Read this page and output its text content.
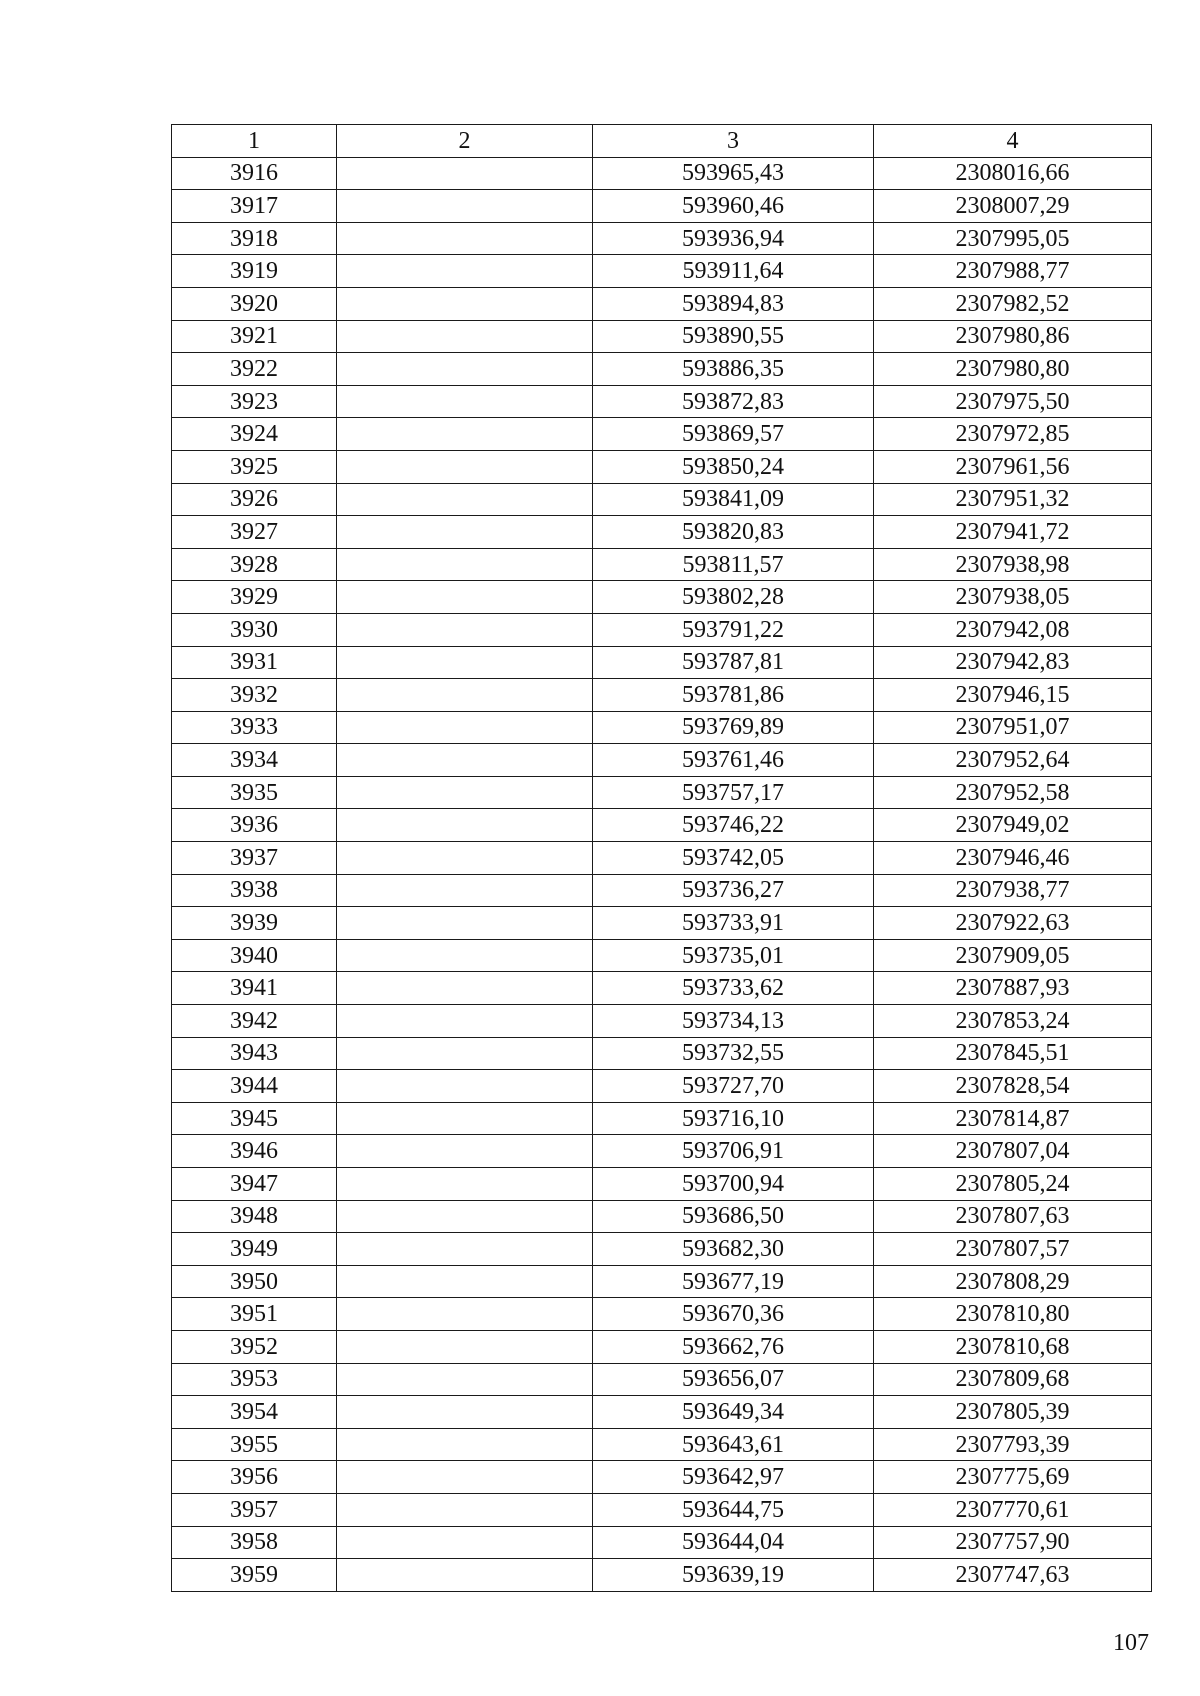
1	2	3	4
3916		593965,43	2308016,66
3917		593960,46	2308007,29
3918		593936,94	2307995,05
3919		593911,64	2307988,77
3920		593894,83	2307982,52
3921		593890,55	2307980,86
3922		593886,35	2307980,80
3923		593872,83	2307975,50
3924		593869,57	2307972,85
3925		593850,24	2307961,56
3926		593841,09	2307951,32
3927		593820,83	2307941,72
3928		593811,57	2307938,98
3929		593802,28	2307938,05
3930		593791,22	2307942,08
3931		593787,81	2307942,83
3932		593781,86	2307946,15
3933		593769,89	2307951,07
3934		593761,46	2307952,64
3935		593757,17	2307952,58
3936		593746,22	2307949,02
3937		593742,05	2307946,46
3938		593736,27	2307938,77
3939		593733,91	2307922,63
3940		593735,01	2307909,05
3941		593733,62	2307887,93
3942		593734,13	2307853,24
3943		593732,55	2307845,51
3944		593727,70	2307828,54
3945		593716,10	2307814,87
3946		593706,91	2307807,04
3947		593700,94	2307805,24
3948		593686,50	2307807,63
3949		593682,30	2307807,57
3950		593677,19	2307808,29
3951		593670,36	2307810,80
3952		593662,76	2307810,68
3953		593656,07	2307809,68
3954		593649,34	2307805,39
3955		593643,61	2307793,39
3956		593642,97	2307775,69
3957		593644,75	2307770,61
3958		593644,04	2307757,90
3959		593639,19	2307747,63
107
